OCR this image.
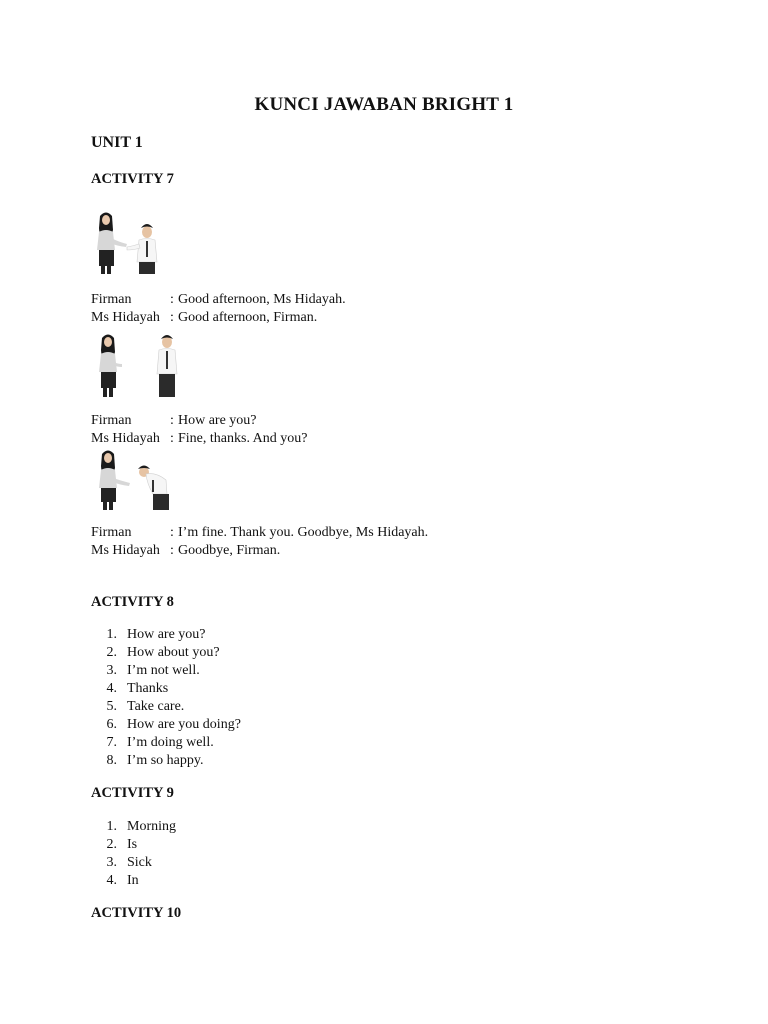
KUNCI JAWABAN BRIGHT 1
UNIT 1
ACTIVITY 7
Firman	: Good afternoon, Ms Hidayah.
Ms Hidayah : Good afternoon, Firman.
Firman	: How are you?
Ms Hidayah : Fine, thanks. And you?
Firman	: I’m fine. Thank you. Goodbye, Ms Hidayah.
Ms Hidayah : Goodbye, Firman.
ACTIVITY 8
1. How are you?
2. How about you?
3. I’m not well.
4. Thanks
5. Take care.
6. How are you doing?
7. I’m doing well.
8. I’m so happy.
ACTIVITY 9
1. Morning
2. Is
3. Sick
4. In
ACTIVITY 10
